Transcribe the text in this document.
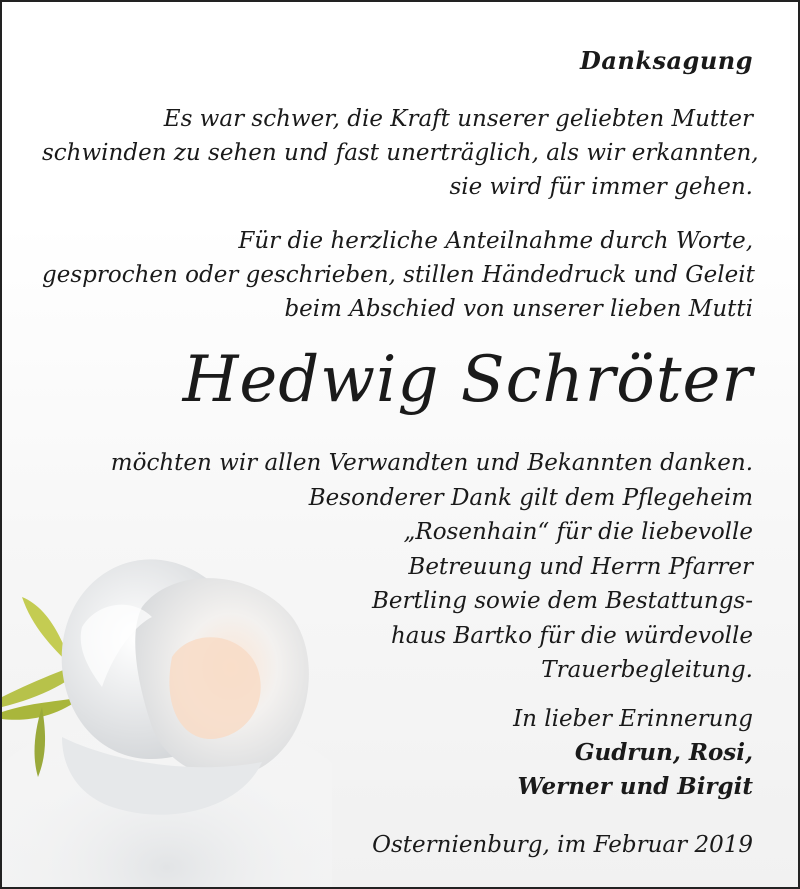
Danksagung
Es war schwer, die Kraft unserer geliebten Mutter
schwinden zu sehen und fast unerträglich, als wir erkannten,
sie wird für immer gehen.
Für die herzliche Anteilnahme durch Worte,
gesprochen oder geschrieben, stillen Händedruck und Geleit
beim Abschied von unserer lieben Mutti
Hedwig Schröter
möchten wir allen Verwandten und Bekannten danken.
Besonderer Dank gilt dem Pflegeheim
„Rosenhain“ für die liebevolle
Betreuung und Herrn Pfarrer
Bertling sowie dem Bestattungs-
haus Bartko für die würdevolle
Trauerbegleitung.
In lieber Erinnerung
Gudrun, Rosi,
Werner und Birgit
Osternienburg, im Februar 2019
